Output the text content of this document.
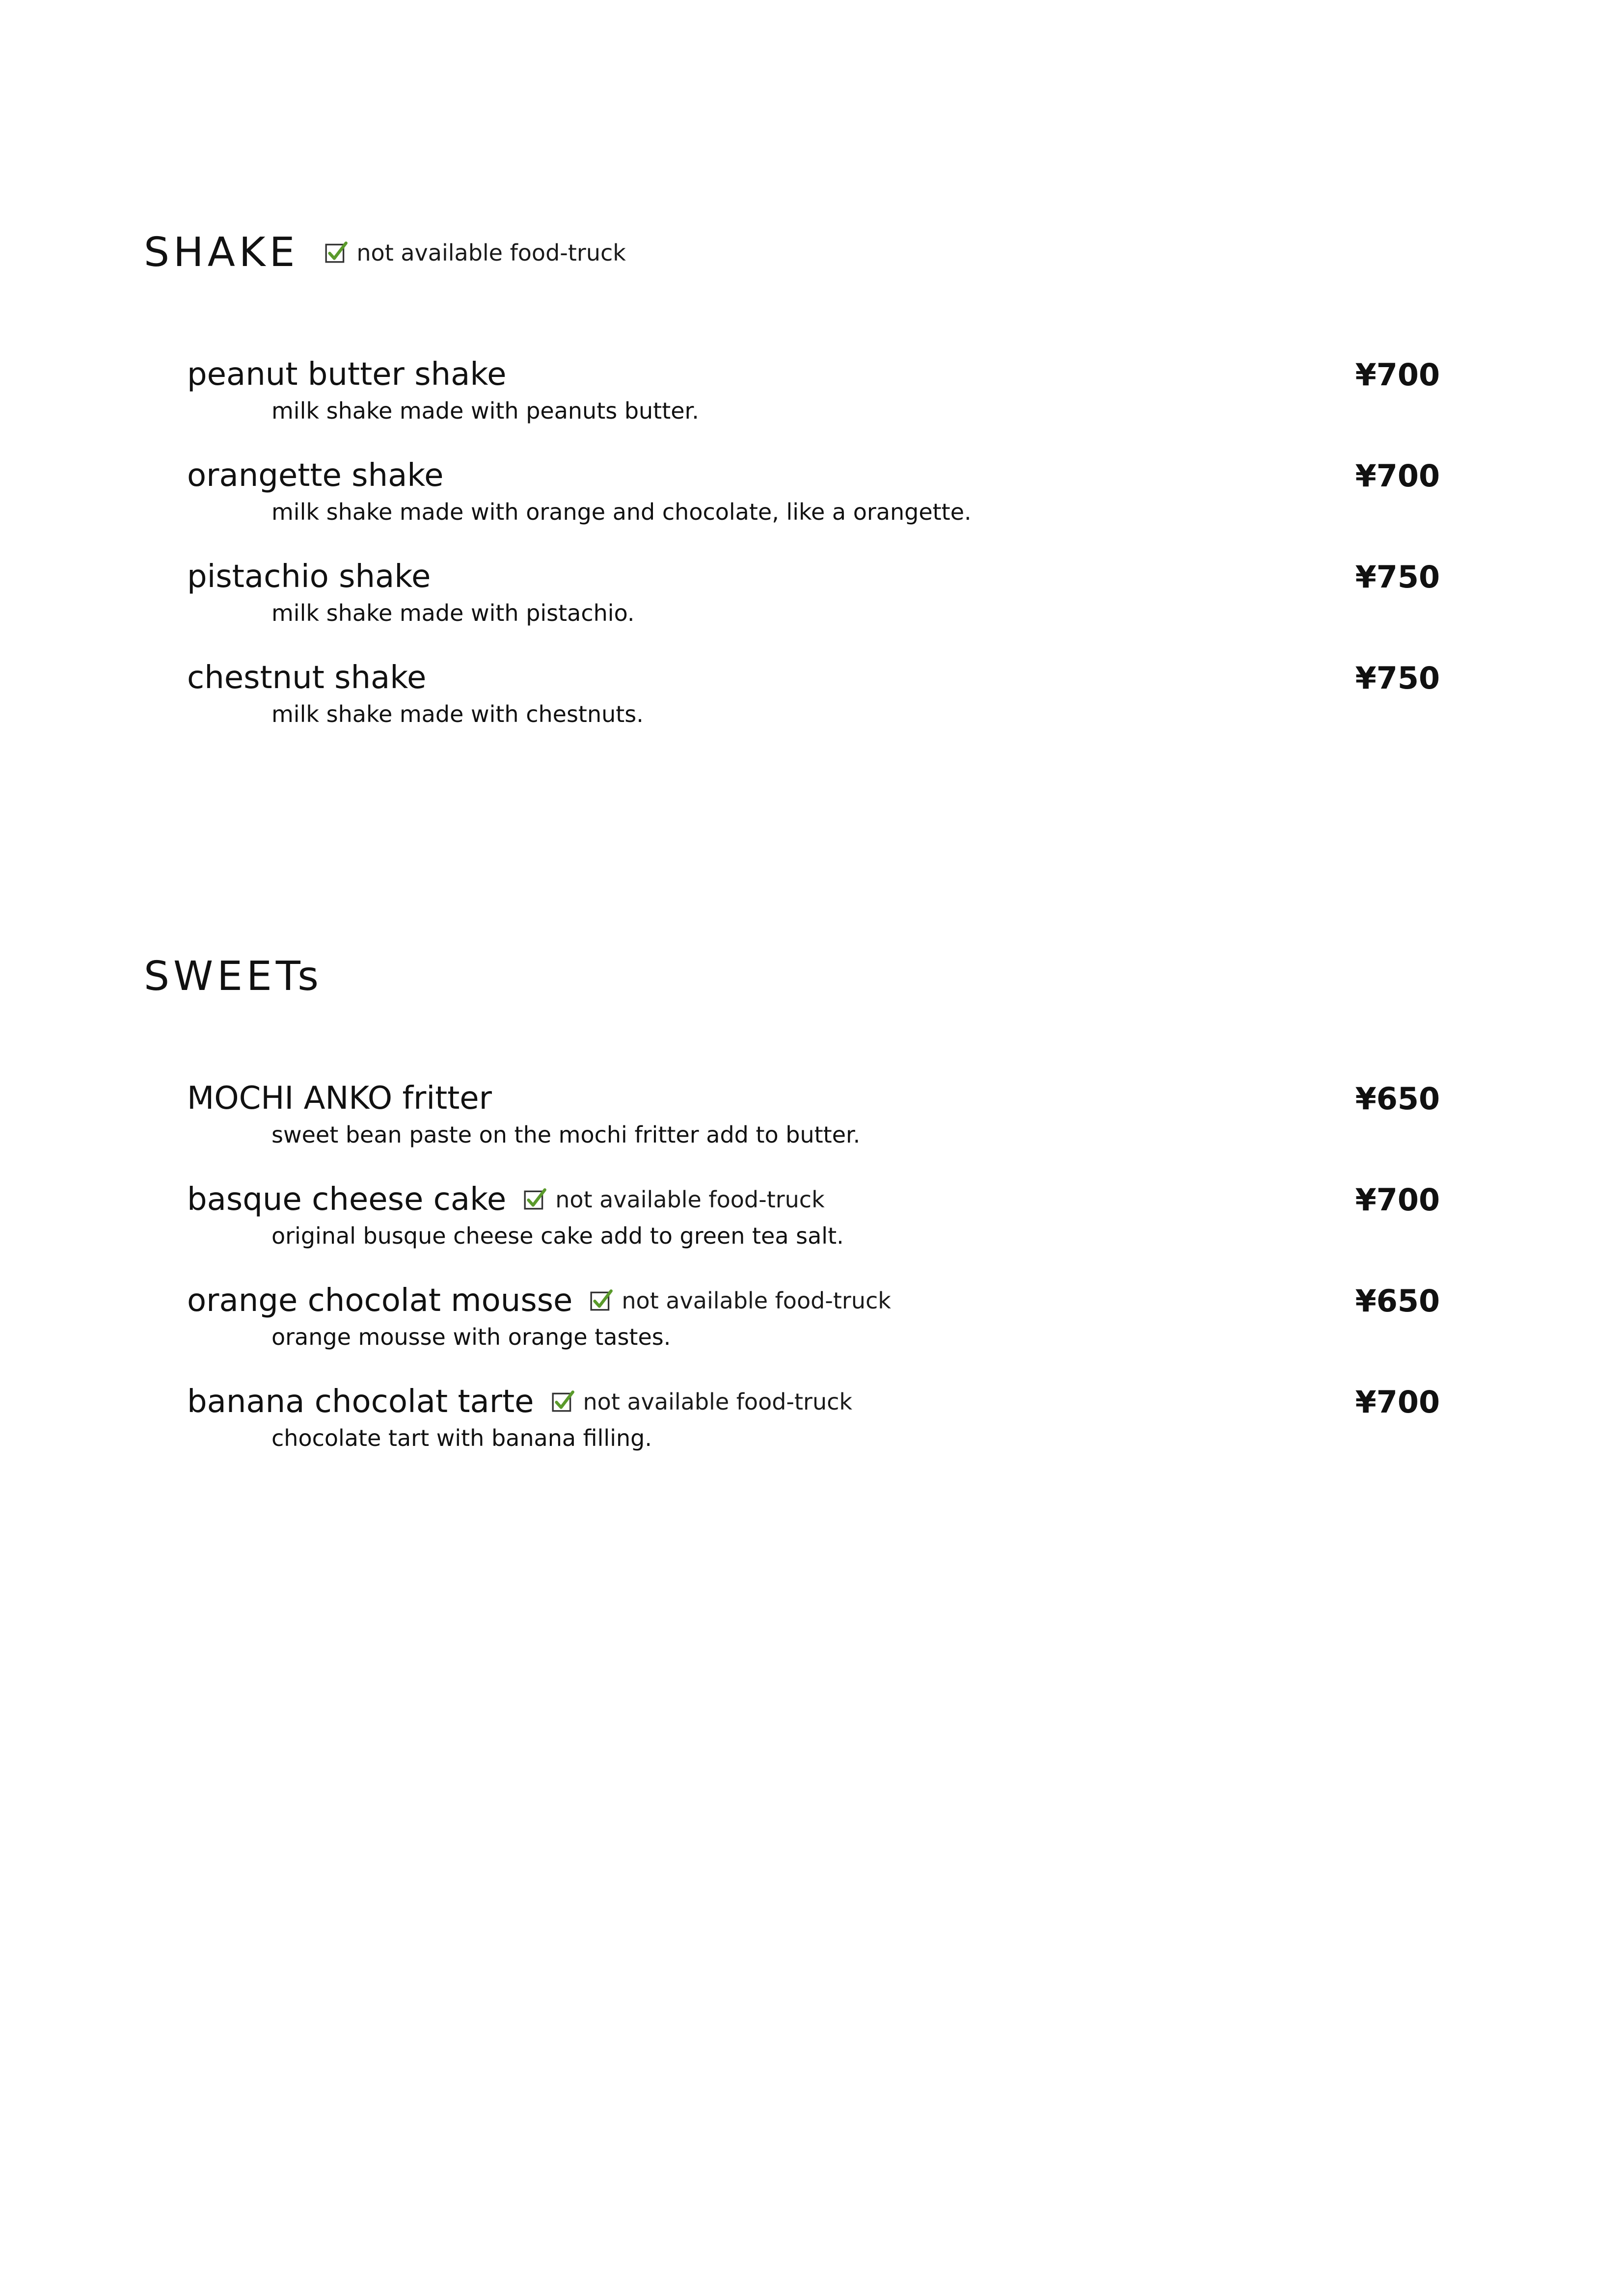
SHAKE	not available food-truck
peanut butter shake	¥700
milk shake made with peanuts butter.
orangette shake	¥700
milk shake made with orange and chocolate, like a orangette.
pistachio shake	¥750
milk shake made with pistachio.
chestnut shake	¥750
milk shake made with chestnuts.
SWEETs
MOCHI ANKO fritter	¥650
sweet bean paste on the mochi fritter add to butter.
basque cheese cake not available food-truck	¥700
original busque cheese cake add to green tea salt.
orange chocolat mousse not available food-truck	¥650
orange mousse with orange tastes.
banana chocolat tarte not available food-truck	¥700
chocolate tart with banana filling.
